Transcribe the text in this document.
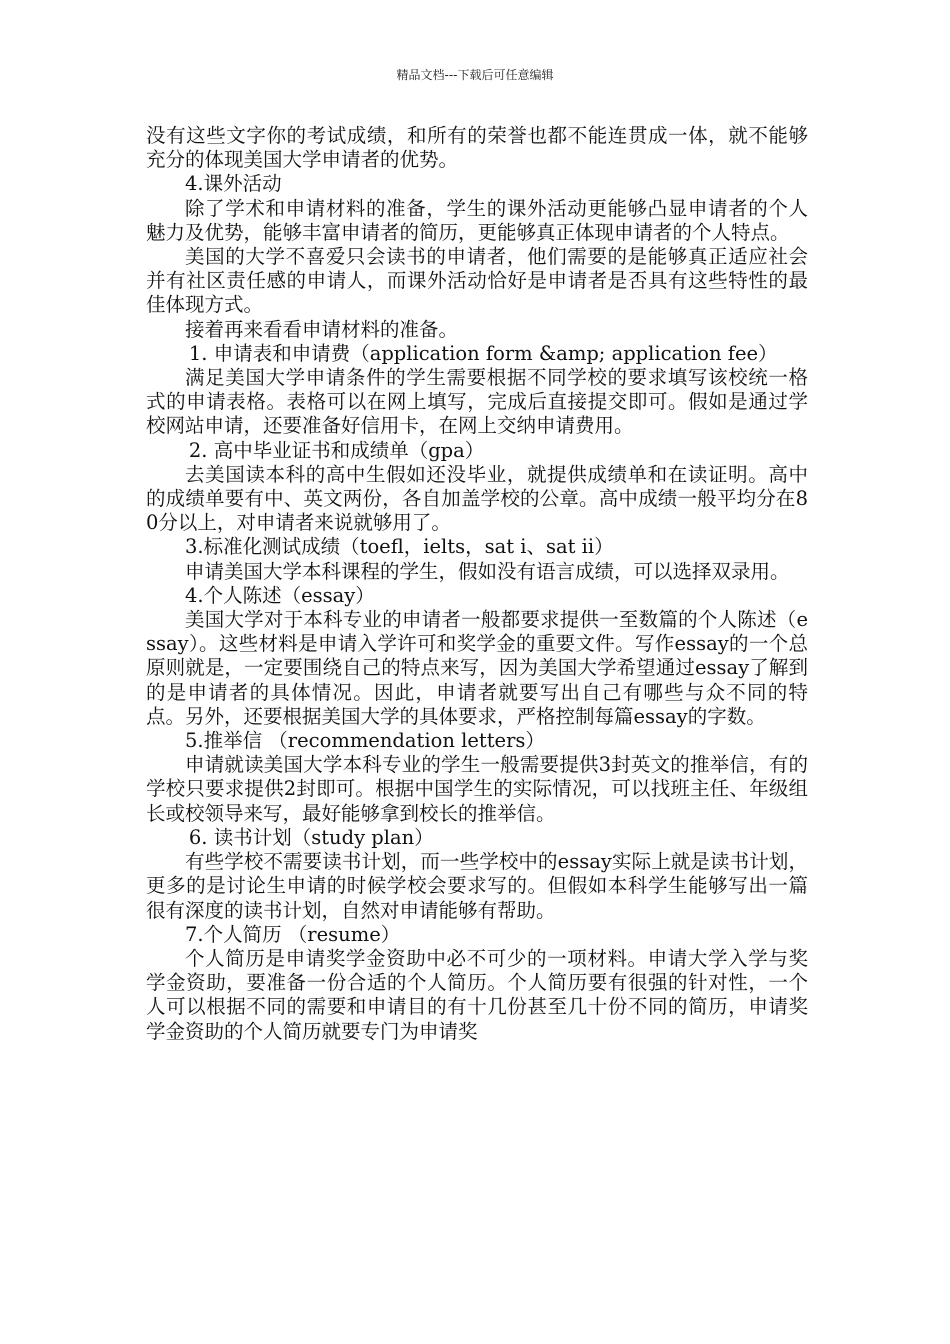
精品文档---下载后可任意编辑

没有这些文字你的考试成绩，和所有的荣誉也都不能连贯成一体，就不能够充分的体现美国大学申请者的优势。

4.课外活动

除了学术和申请材料的准备，学生的课外活动更能够凸显申请者的个人魅力及优势，能够丰富申请者的简历，更能够真正体现申请者的个人特点。

美国的大学不喜爱只会读书的申请者，他们需要的是能够真正适应社会并有社区责任感的申请人，而课外活动恰好是申请者是否具有这些特性的最佳体现方式。

接着再来看看申请材料的准备。

1. 申请表和申请费（application form &amp; application fee）

满足美国大学申请条件的学生需要根据不同学校的要求填写该校统一格式的申请表格。表格可以在网上填写，完成后直接提交即可。假如是通过学校网站申请，还要准备好信用卡，在网上交纳申请费用。

2. 高中毕业证书和成绩单（gpa）

去美国读本科的高中生假如还没毕业，就提供成绩单和在读证明。高中的成绩单要有中、英文两份，各自加盖学校的公章。高中成绩一般平均分在80分以上，对申请者来说就够用了。

3.标准化测试成绩（toefl，ielts，sat i、sat ii）

申请美国大学本科课程的学生，假如没有语言成绩，可以选择双录用。

4.个人陈述（essay）

美国大学对于本科专业的申请者一般都要求提供一至数篇的个人陈述（essay）。这些材料是申请入学许可和奖学金的重要文件。写作essay的一个总原则就是，一定要围绕自己的特点来写，因为美国大学希望通过essay了解到的是申请者的具体情况。因此，申请者就要写出自己有哪些与众不同的特点。另外，还要根据美国大学的具体要求，严格控制每篇essay的字数。

5.推举信 （recommendation letters）

申请就读美国大学本科专业的学生一般需要提供3封英文的推举信，有的学校只要求提供2封即可。根据中国学生的实际情况，可以找班主任、年级组长或校领导来写，最好能够拿到校长的推举信。

6. 读书计划（study plan）

有些学校不需要读书计划，而一些学校中的essay实际上就是读书计划，更多的是讨论生申请的时候学校会要求写的。但假如本科学生能够写出一篇很有深度的读书计划，自然对申请能够有帮助。

7.个人简历 （resume）

个人简历是申请奖学金资助中必不可少的一项材料。申请大学入学与奖学金资助，要准备一份合适的个人简历。个人简历要有很强的针对性，一个人可以根据不同的需要和申请目的有十几份甚至几十份不同的简历，申请奖学金资助的个人简历就要专门为申请奖
